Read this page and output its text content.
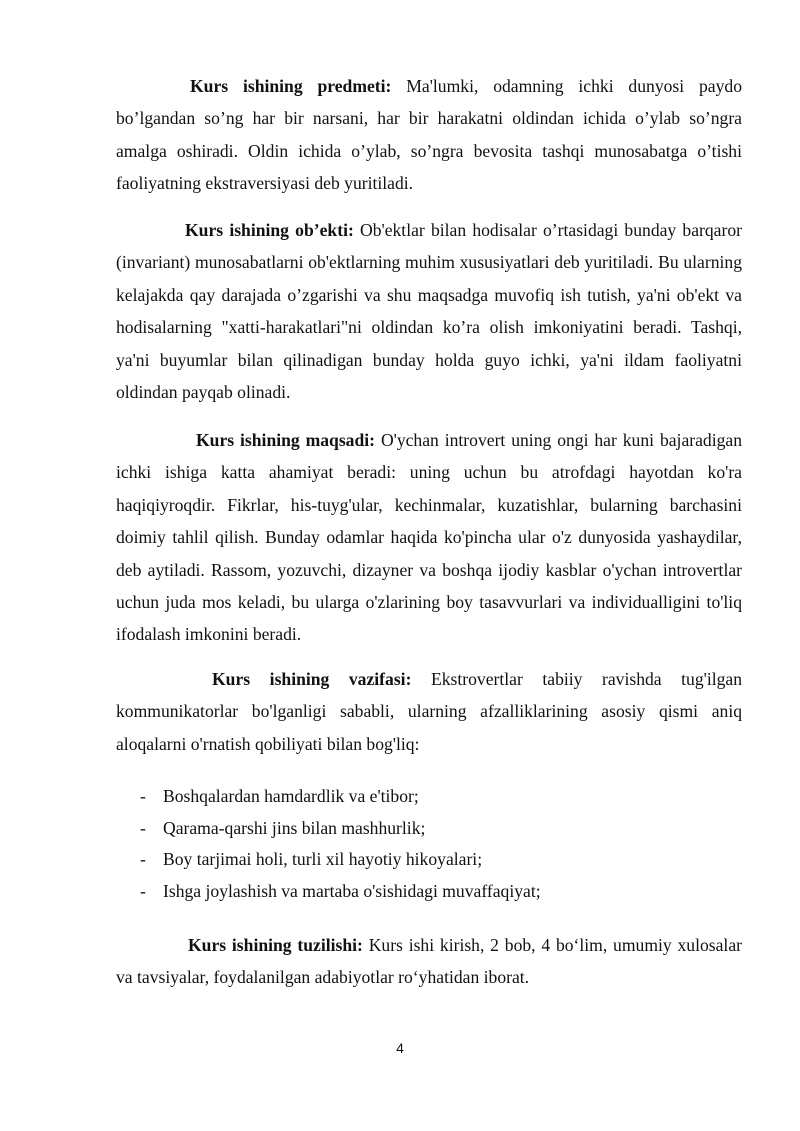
Kurs ishining predmeti: Ma'lumki, odamning ichki dunyosi paydo bo’lgandan so’ng har bir narsani, har bir harakatni oldindan ichida o’ylab so’ngra amalga oshiradi. Oldin ichida o’ylab, so’ngra bevosita tashqi munosabatga o’tishi faoliyatning ekstraversiyasi deb yuritiladi.

Kurs ishining ob’ekti: Ob'ektlar bilan hodisalar o’rtasidagi bunday barqaror (invariant) munosabatlarni ob'ektlarning muhim xususiyatlari deb yuritiladi. Bu ularning kelajakda qay darajada o’zgarishi va shu maqsadga muvofiq ish tutish, ya'ni ob'ekt va hodisalarning "xatti-harakatlari"ni oldindan ko’ra olish imkoniyatini beradi. Tashqi, ya'ni buyumlar bilan qilinadigan bunday holda guyo ichki, ya'ni ildam faoliyatni oldindan payqab olinadi.

Kurs ishining maqsadi: O'ychan introvert uning ongi har kuni bajaradigan ichki ishiga katta ahamiyat beradi: uning uchun bu atrofdagi hayotdan ko'ra haqiqiyroqdir. Fikrlar, his-tuyg'ular, kechinmalar, kuzatishlar, bularning barchasini doimiy tahlil qilish. Bunday odamlar haqida ko'pincha ular o'z dunyosida yashaydilar, deb aytiladi. Rassom, yozuvchi, dizayner va boshqa ijodiy kasblar o'ychan introvertlar uchun juda mos keladi, bu ularga o'zlarining boy tasavvurlari va individualligini to'liq ifodalash imkonini beradi.

Kurs ishining vazifasi: Ekstrovertlar tabiiy ravishda tug'ilgan kommunikatorlar bo'lganligi sababli, ularning afzalliklarining asosiy qismi aniq aloqalarni o'rnatish qobiliyati bilan bog'liq:

- Boshqalardan hamdardlik va e'tibor;
- Qarama-qarshi jins bilan mashhurlik;
- Boy tarjimai holi, turli xil hayotiy hikoyalari;
- Ishga joylashish va martaba o'sishidagi muvaffaqiyat;

Kurs ishining tuzilishi: Kurs ishi kirish, 2 bob, 4 bo‘lim, umumiy xulosalar va tavsiyalar, foydalanilgan adabiyotlar ro‘yhatidan iborat.

4
